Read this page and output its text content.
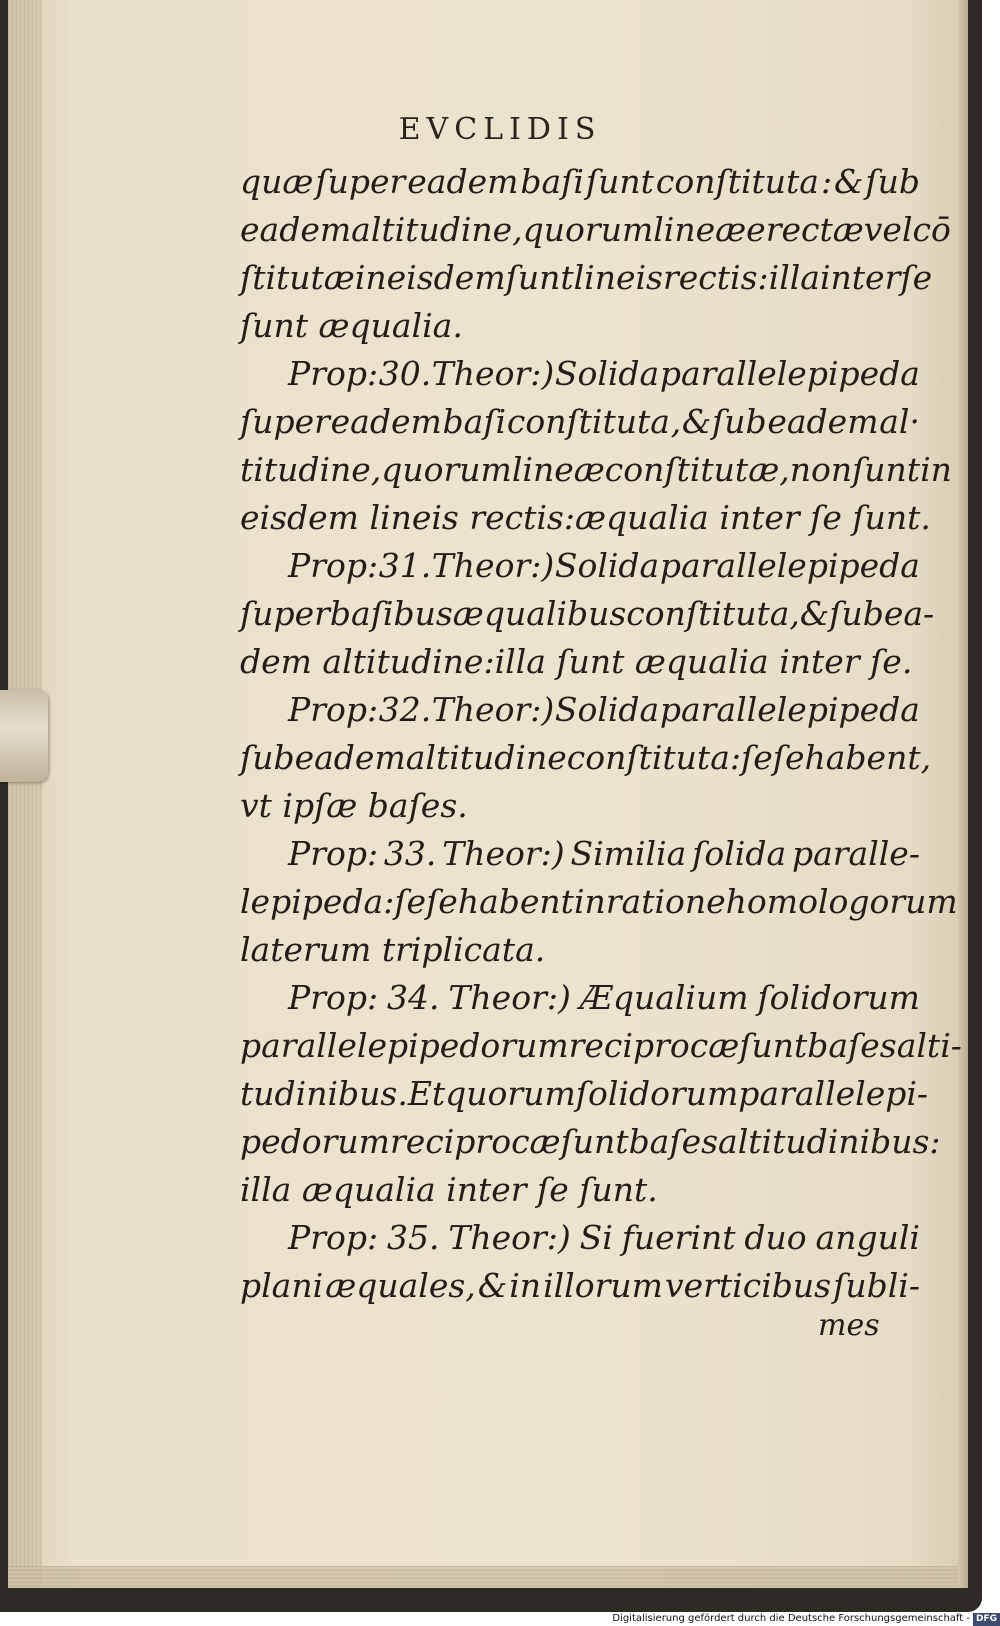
EVCLIDIS
quæ ſuper eadem baſi ſunt conſtituta : & ſub
eadem altitudine, quorum lineæ erectæ vel cō
ſtitutæ in eisdem ſunt lineis rectis:illa inter ſe
ſunt æqualia.
Prop: 30. Theor:) Solida parallelepipeda
ſuper eadem baſi conſtituta , & ſub eadem al·
titudine,quorum lineæ conſtitutæ,non ſunt in
eisdem lineis rectis:æqualia inter ſe ſunt.
Prop: 31. Theor:) Solida parallelepipeda
ſuper baſibus æqualibus conſtituta,& ſub ea-
dem altitudine:illa ſunt æqualia inter ſe.
Prop: 32. Theor:) Solida parallelepipeda
ſub eadem altitudine conſtituta: ſeſe habent,
vt ipſæ baſes.
Prop: 33. Theor:) Similia ſolida paralle-
lepipeda:ſeſe habent in ratione homologorum
laterum triplicata.
Prop: 34. Theor:) Æqualium ſolidorum
parallelepipedorum reciprocæ ſunt baſes alti-
tudinibus. Et quorum ſolidorum parallelepi-
pedorum reciprocæ ſunt baſes altitudinibus:
illa æqualia inter ſe ſunt.
Prop: 35. Theor:) Si fuerint duo anguli
plani æquales, & in illorum verticibus ſubli-
mes
Digitalisierung gefördert durch die Deutsche Forschungsgemeinschaft - DFG
